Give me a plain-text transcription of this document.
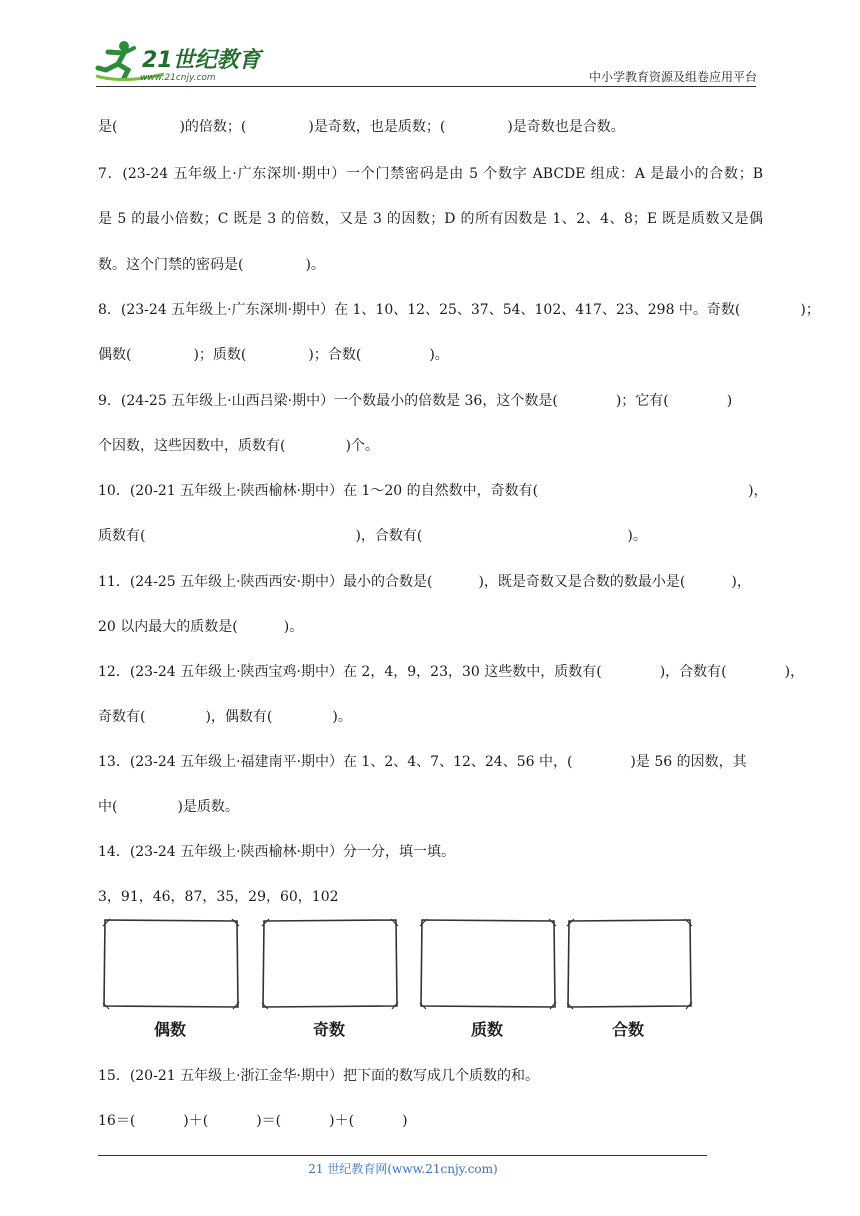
21世纪教育
www.21cnjy.com	中小学教育资源及组卷应用平台
是(	)的倍数；(	)是奇数，也是质数；(	)是奇数也是合数。
7．(23-24 五年级上·广东深圳·期中）一个门禁密码是由 5 个数字 ABCDE 组成：A 是最小的合数；B
是 5 的最小倍数；C 既是 3 的倍数，又是 3 的因数；D 的所有因数是 1、2、4、8；E 既是质数又是偶
数。这个门禁的密码是(	)。
8．(23-24 五年级上·广东深圳·期中）在 1、10、12、25、37、54、102、417、23、298 中。奇数(	)；
偶数(	)；质数(	)；合数(	)。
9．(24-25 五年级上·山西吕梁·期中）一个数最小的倍数是 36，这个数是(	)；它有(	)
个因数，这些因数中，质数有(	)个。
10．(20-21 五年级上·陕西榆林·期中）在 1～20 的自然数中，奇数有(	)，
质数有(	)，合数有(	)。
11．(24-25 五年级上·陕西西安·期中）最小的合数是(	)，既是奇数又是合数的数最小是(	)，
20 以内最大的质数是(	)。
12．(23-24 五年级上·陕西宝鸡·期中）在 2，4，9，23，30 这些数中，质数有(	)，合数有(	)，
奇数有(	)，偶数有(	)。
13．(23-24 五年级上·福建南平·期中）在 1、2、4、7、12、24、56 中，(	)是 56 的因数，其
中(	)是质数。
14．(23-24 五年级上·陕西榆林·期中）分一分，填一填。
3，91，46，87，35，29，60，102
偶数	奇数	质数	合数
15．(20-21 五年级上·浙江金华·期中）把下面的数写成几个质数的和。
16＝(	)＋(	)＝(	)＋(	)
21 世纪教育网(www.21cnjy.com)
